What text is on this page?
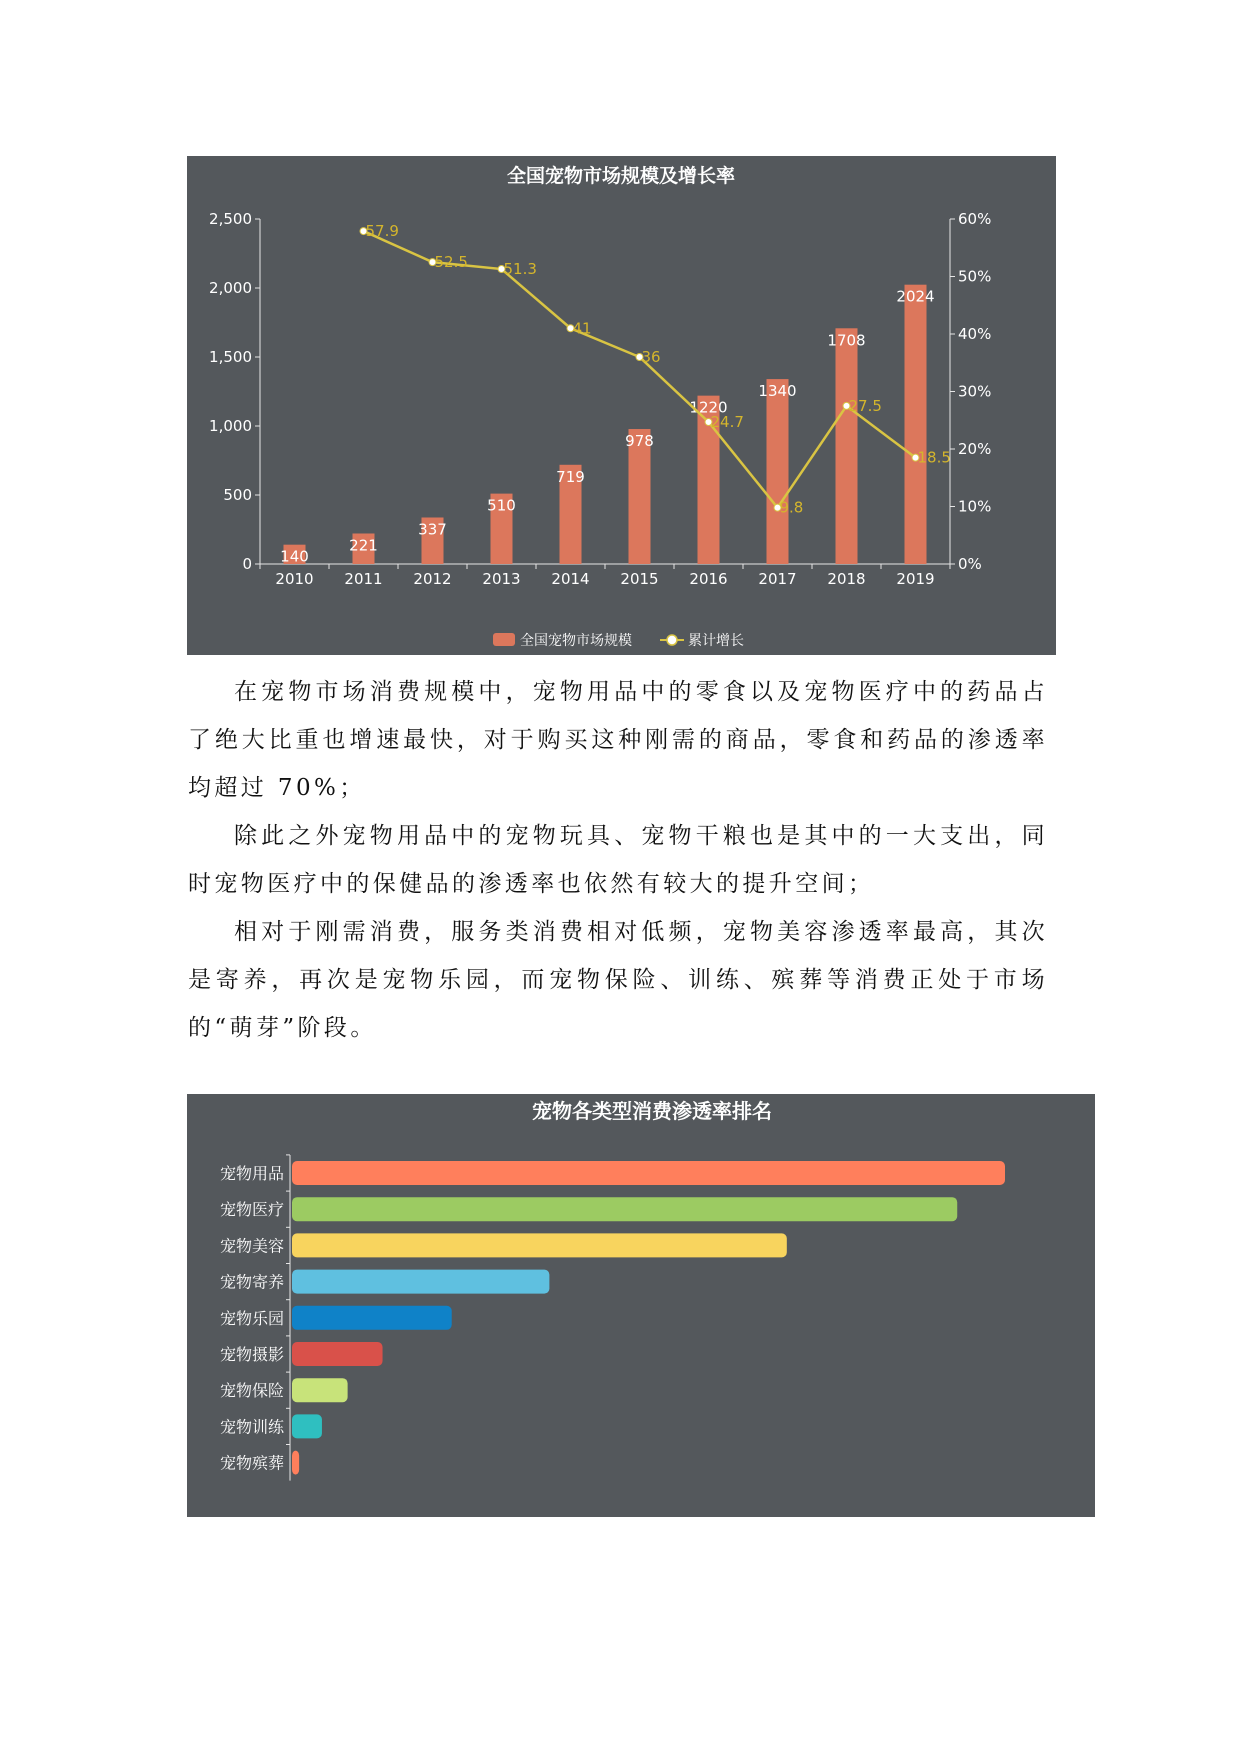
全国宠物市场规模及增长率
0
500
1,000
1,500
2,000
2,500
0%
10%
20%
30%
40%
50%
60%
2010 2011 2012 2013 2014 2015 2016 2017 2018 2019
140
221
337
510
719
978
1220
1340
1708
2024
57.9
52.5 51.3
41
36
24.7
9.8
27.5
18.5
全国宠物市场规模	累计增长

在宠物市场消费规模中，宠物用品中的零食以及宠物医疗中的药品占了绝大比重也增速最快，对于购买这种刚需的商品，零食和药品的渗透率均超过 70%；

除此之外宠物用品中的宠物玩具、宠物干粮也是其中的一大支出，同时宠物医疗中的保健品的渗透率也依然有较大的提升空间；

相对于刚需消费，服务类消费相对低频，宠物美容渗透率最高，其次是寄养，再次是宠物乐园，而宠物保险、训练、殡葬等消费正处于市场的“萌芽”阶段。

宠物各类型消费渗透率排名
宠物用品
宠物医疗
宠物美容
宠物寄养
宠物乐园
宠物摄影
宠物保险
宠物训练
宠物殡葬
